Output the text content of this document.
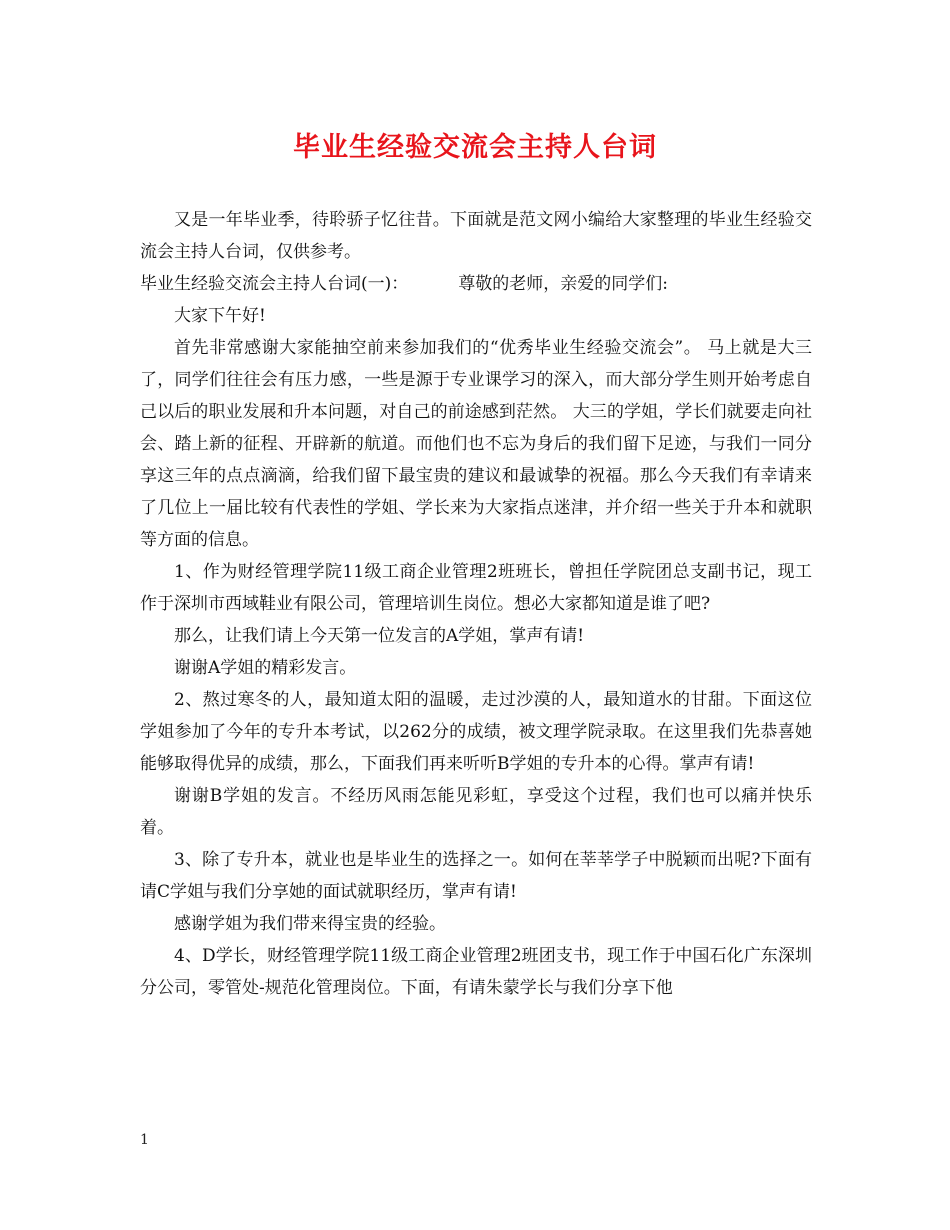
毕业生经验交流会主持人台词

又是一年毕业季，待聆骄子忆往昔。下面就是范文网小编给大家整理的毕业生经验交流会主持人台词，仅供参考。

毕业生经验交流会主持人台词(一)：	尊敬的老师，亲爱的同学们:

大家下午好!

首先非常感谢大家能抽空前来参加我们的“优秀毕业生经验交流会”。 马上就是大三了，同学们往往会有压力感，一些是源于专业课学习的深入，而大部分学生则开始考虑自己以后的职业发展和升本问题，对自己的前途感到茫然。 大三的学姐，学长们就要走向社会、踏上新的征程、开辟新的航道。而他们也不忘为身后的我们留下足迹，与我们一同分享这三年的点点滴滴，给我们留下最宝贵的建议和最诚挚的祝福。那么今天我们有幸请来了几位上一届比较有代表性的学姐、学长来为大家指点迷津，并介绍一些关于升本和就职等方面的信息。

1、作为财经管理学院11级工商企业管理2班班长，曾担任学院团总支副书记，现工作于深圳市西域鞋业有限公司，管理培训生岗位。想必大家都知道是谁了吧?

那么，让我们请上今天第一位发言的A学姐，掌声有请!

谢谢A学姐的精彩发言。

2、熬过寒冬的人，最知道太阳的温暖，走过沙漠的人，最知道水的甘甜。下面这位学姐参加了今年的专升本考试，以262分的成绩，被文理学院录取。在这里我们先恭喜她能够取得优异的成绩，那么，下面我们再来听听B学姐的专升本的心得。掌声有请!

谢谢B学姐的发言。不经历风雨怎能见彩虹，享受这个过程，我们也可以痛并快乐着。

3、除了专升本，就业也是毕业生的选择之一。如何在莘莘学子中脱颖而出呢?下面有请C学姐与我们分享她的面试就职经历，掌声有请!

感谢学姐为我们带来得宝贵的经验。

4、D学长，财经管理学院11级工商企业管理2班团支书，现工作于中国石化广东深圳分公司，零管处-规范化管理岗位。下面，有请朱蒙学长与我们分享下他

1
